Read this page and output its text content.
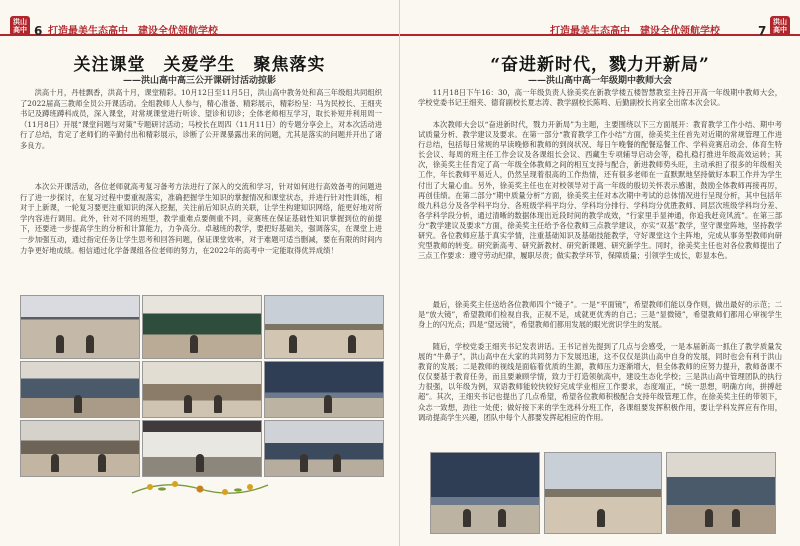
洪山高中 6 打造最美生态高中　建设全优领航学校
关注课堂　关爱学生　聚焦落实
——洪山高中高三公开课研讨活动掠影

洪高十月，丹桂飘香，洪高十月，课堂精彩。10月12日至11月5日，洪山高中教务处和高三年级组共同组织了2022届高三教师全员公开课活动。全组教师人人参与，精心准备、精彩展示，精彩纷呈：马为民校长、王细夹书记及蹲班蹲科成员，深入课堂，对常规课堂进行听诊、望诊和切诊；全体老师相互学习，取长补短并利用周一（11月8日）开展“课堂问题与对策”专题研讨活动；马校长在周四（11月11日）的专题分享会上，对本次活动进行了总结，肯定了老师们的辛勤付出和精彩展示，诊断了公开课暴露出来的问题，尤其是落实的问题并开出了诸多良方。

本次公开课活动，各位老师就高考复习备考方法进行了深入的交流和学习，针对如何进行高效备考的问题进行了进一步探讨，在复习过程中要重视落实，准确把握学生知识的掌握情况和课堂状态，并进行针对性训练，相对于上新课，一轮复习要更注重知识的深入挖掘，关注前后知识点的关联，让学生构建知识网络，能更好地对所学内容进行调用。此外，针对不同的班型，教学重难点要侧重不同，竞赛班在保证基础性知识掌握到位的前提下，还要进一步提高学生的分析和计算能力，力争高分。卓越班的教学，要把好基础关，强调落实，在课堂上进一步加强互动，通过指定任务让学生思考和回答问题，保证课堂效率，对于难题可适当删减，要在有限的时间内力争更好地成绩。相信通过化学备课组各位老师的努力，在2022年的高考中一定能取得优异成绩！

打造最美生态高中　建设全优领航学校	7
洪山高中
“奋进新时代，戮力开新局”
——洪山高中高一年级期中教师大会

11月18日下午16：30，高一年级负责人徐美奖在新教学楼五楼智慧教室主持召开高一年级期中教师大会，学校党委书记王细夹、德育副校长夏志涛、教学副校长陈鸣、后勤副校长肖家全出席本次会议。

本次教师大会以“奋进新时代，戮力开新局”为主题，主要围绕以下三方面展开：教育教学工作小结、期中考试质量分析、教学建议及要求。在第一部分“教育教学工作小结”方面，徐美奖主任首先对近期的常规管理工作进行总结，包括每日常规的早读晚修和教师的到岗状况、每日午晚餐的配餐巡餐工作、学科竞赛启动会、体育生特长会议、每周的班主任工作会议及各课组长会议、西藏生专项辅导启动会等，稳扎稳打推进年级高效运转；其次，徐美奖主任肯定了高一年级全体教师之间的相互支持与配合，新进教师势头旺，主动承担了很多的年级相关工作，年长教师平易近人，仍然呈现着很高的工作热情，还有很多老师在一直默默地坚持做好本职工作并为学生付出了大量心血。另外，徐美奖主任也在对校领导对于高一年级的殷切关怀表示感谢，鼓励全体教师再接再厉，再创佳绩。在第二部分“期中质量分析”方面，徐美奖主任对本次期中考试的总体情况进行呈现分析，其中包括年级九科总分及各学科平均分、各班级学科平均分、学科均分排行、学科均分优胜教师、同层次班级学科均分差、各学科学段分析，通过清晰的数据体现出近段时间的教学成效，“行家里手显神通，你追我赶竞风流”。在第三部分“教学建议及要求”方面，徐美奖主任给予各位教师三点教学建议，亦实“双基”教学，坚守课堂阵地，坚持教学研究。各位教师应基于真实学情，注重基础知识及基础技能教学，守好课堂这个主阵地，完成从事务型教师向研究型教师的转变。研究新高考、研究新教材、研究新课题、研究新学生。同时，徐美奖主任也对各位教师提出了三点工作要求：遵守劳动纪律，履职尽责；做实教学环节，保障质量；引领学生成长，彰显本色。

最后，徐美奖主任送给各位教师四个“镜子”。一是“平面镜”，希望教师们能以身作则，做出最好的示范；二是“放大镜”，希望教师们检视自我，正视不足，成就更优秀的自己；三是“显微镜”，希望教师们都用心审视学生身上的闪光点；四是“望远镜”，希望教师们都用发展的眼光赏识学生的发展。

随后，学校党委王细夹书记发表讲话。王书记首先提到了几点与会感受，一是本届新高一抓住了教学质量发展的“牛鼻子”，洪山高中在大家的共同努力下发展迅速，这不仅仅是洪山高中自身的发展，同时也会有利于洪山教育的发展；二是教师的视线是面临着优质的生源，教师压力逐渐增大，但全体教师的应努力提升，教师备课不仅仅要基于教育任务，而且要兼顾学情，致力于打造领航高中，建设生态化学校；三是洪山高中管理团队的执行力很强，以年级为例，双语教师能较快较好完成学业相应工作要求，态度端正，“统一思想，明确方向，拼搏赶超”。其次，王细夹书记也提出了几点希望，希望各位教师积极配合支持年级管理工作，在徐美奖主任的带领下，众志一致想，劲往一处使；做好接下来的学生选科分班工作，各课组要发挥积极作用，要让学科发挥应有作用，调动提高学生兴趣，团队中每个人都要发挥起相应的作用。
